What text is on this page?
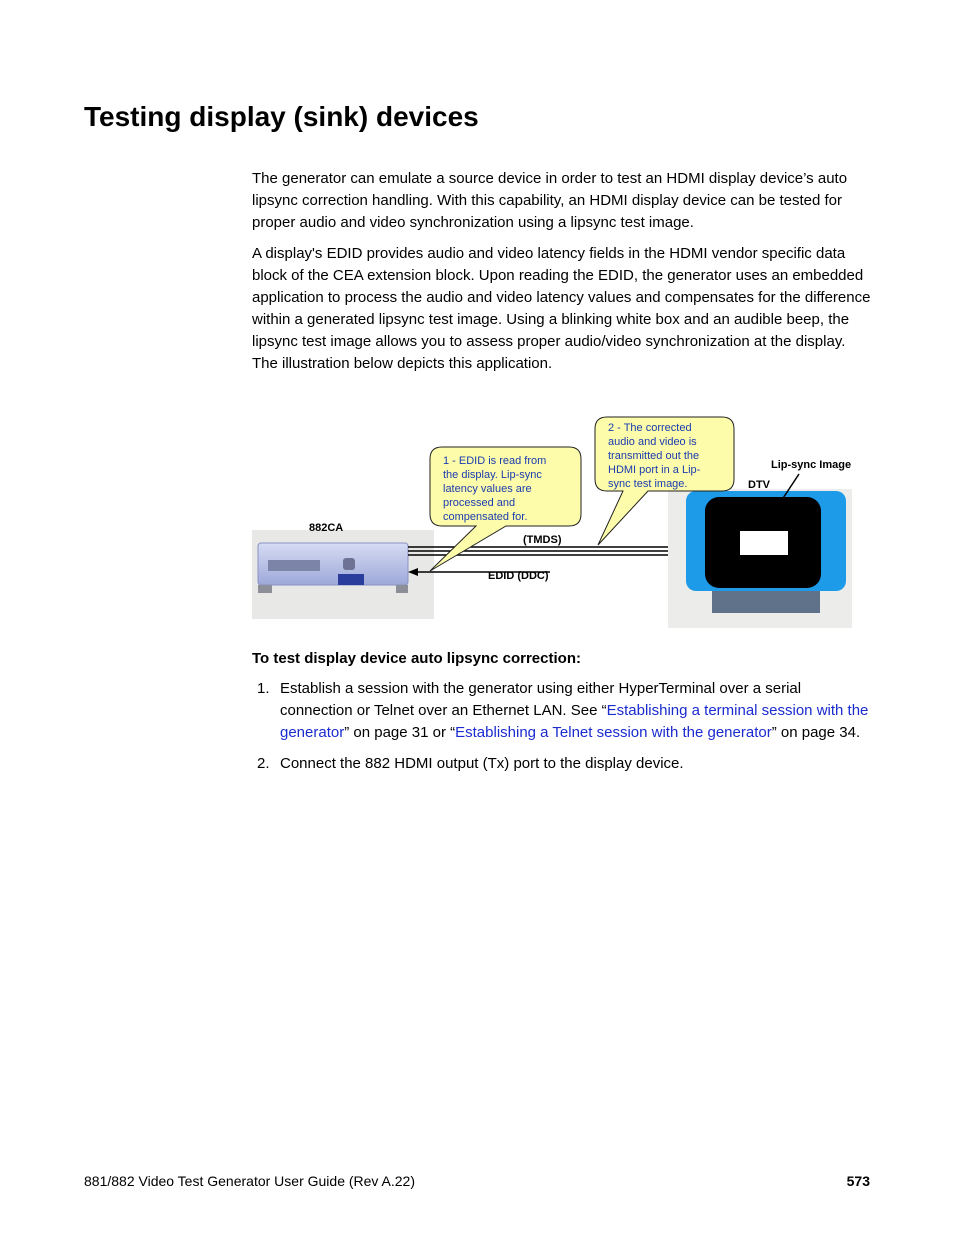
Testing display (sink) devices

The generator can emulate a source device in order to test an HDMI display device’s auto lipsync correction handling. With this capability, an HDMI display device can be tested for proper audio and video synchronization using a lipsync test image.

A display's EDID provides audio and video latency fields in the HDMI vendor specific data block of the CEA extension block. Upon reading the EDID, the generator uses an embedded application to process the audio and video latency values and compensates for the difference within a generated lipsync test image. Using a blinking white box and an audible beep, the lipsync test image allows you to assess proper audio/video synchronization at the display. The illustration below depicts this application.

882CA
(TMDS)
EDID (DDC)
DTV
Lip-sync Image
1 - EDID is read from
the display. Lip-sync
latency values are
processed and
compensated for.
2 - The corrected
audio and video is
transmitted out the
HDMI port in a Lip-
sync test image.

To test display device auto lipsync correction:

1. Establish a session with the generator using either HyperTerminal over a serial connection or Telnet over an Ethernet LAN. See “Establishing a terminal session with the generator” on page 31 or “Establishing a Telnet session with the generator” on page 34.
2. Connect the 882 HDMI output (Tx) port to the display device.
881/882 Video Test Generator User Guide (Rev A.22)	573
